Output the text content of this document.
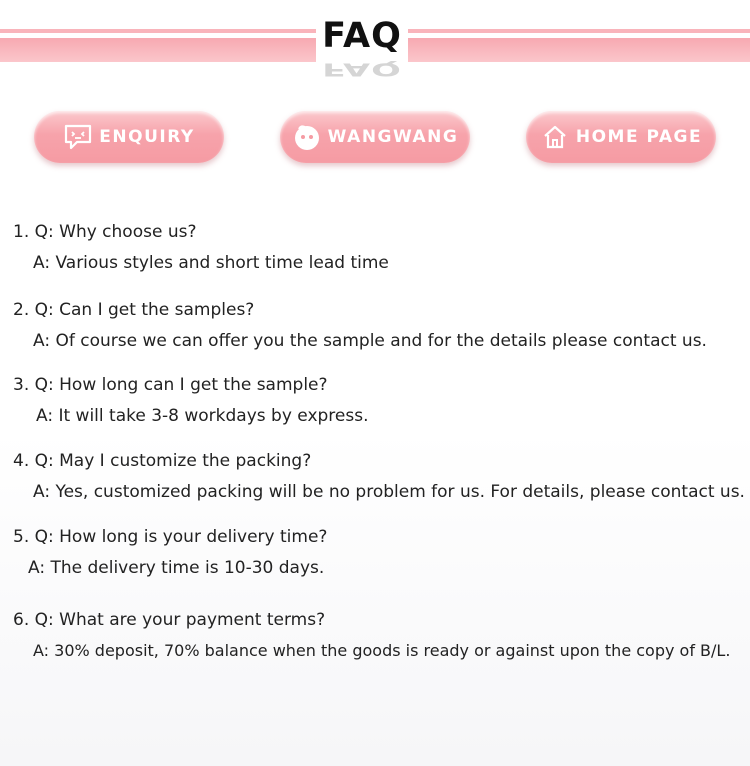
FAQ
FAQ
ENQUIRY	WANGWANG	HOME PAGE
1. Q: Why choose us?
A: Various styles and short time lead time
2. Q: Can I get the samples?
A: Of course we can offer you the sample and for the details please contact us.
3. Q: How long can I get the sample?
A: It will take 3-8 workdays by express.
4. Q: May I customize the packing?
A: Yes, customized packing will be no problem for us. For details, please contact us.
5. Q: How long is your delivery time?
A: The delivery time is 10-30 days.
6. Q: What are your payment terms?
A: 30% deposit, 70% balance when the goods is ready or against upon the copy of B/L.
